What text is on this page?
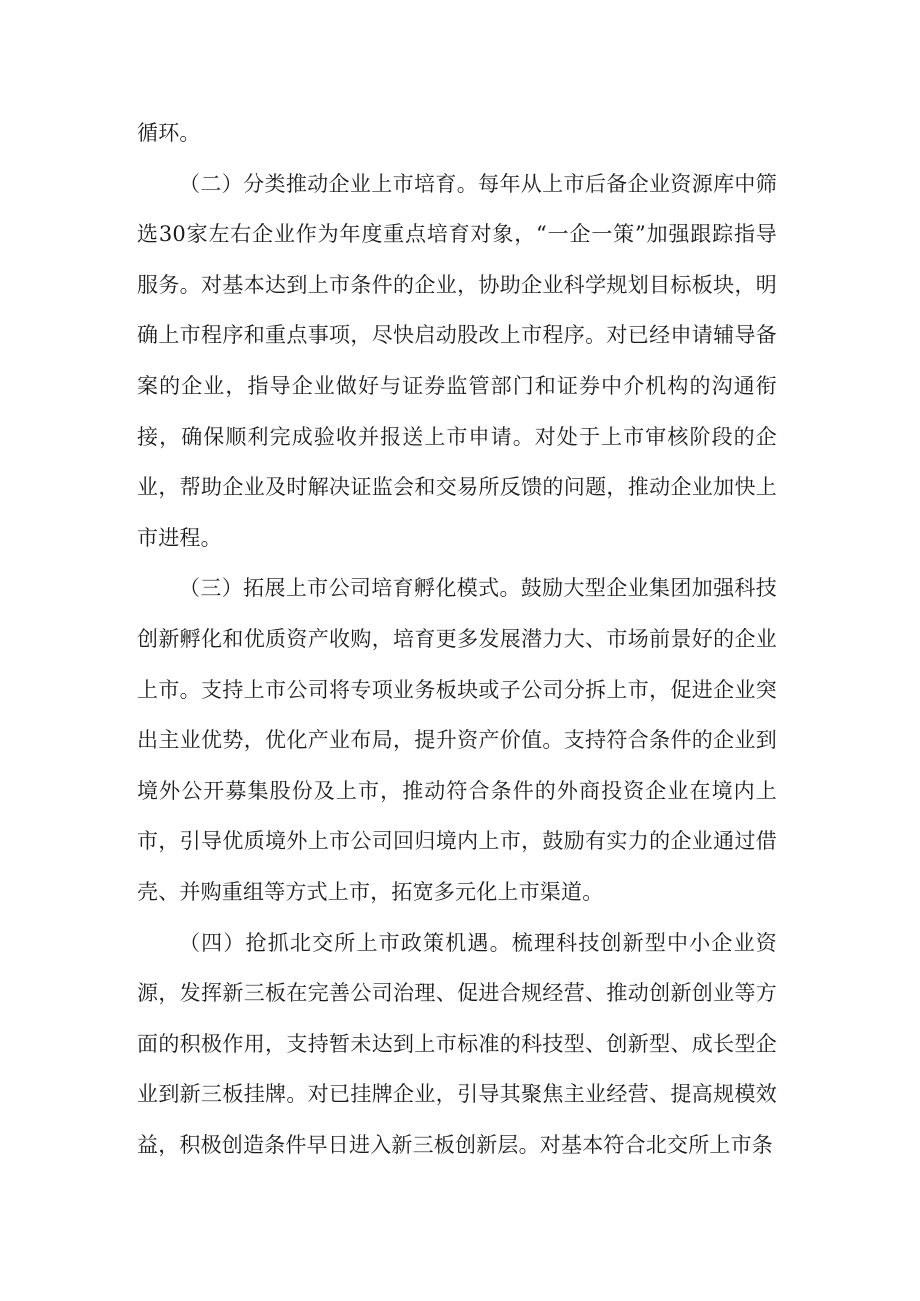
循环。

（二）分类推动企业上市培育。每年从上市后备企业资源库中筛选30家左右企业作为年度重点培育对象，“一企一策”加强跟踪指导服务。对基本达到上市条件的企业，协助企业科学规划目标板块，明确上市程序和重点事项，尽快启动股改上市程序。对已经申请辅导备案的企业，指导企业做好与证券监管部门和证券中介机构的沟通衔接，确保顺利完成验收并报送上市申请。对处于上市审核阶段的企业，帮助企业及时解决证监会和交易所反馈的问题，推动企业加快上市进程。

（三）拓展上市公司培育孵化模式。鼓励大型企业集团加强科技创新孵化和优质资产收购，培育更多发展潜力大、市场前景好的企业上市。支持上市公司将专项业务板块或子公司分拆上市，促进企业突出主业优势，优化产业布局，提升资产价值。支持符合条件的企业到境外公开募集股份及上市，推动符合条件的外商投资企业在境内上市，引导优质境外上市公司回归境内上市，鼓励有实力的企业通过借壳、并购重组等方式上市，拓宽多元化上市渠道。

（四）抢抓北交所上市政策机遇。梳理科技创新型中小企业资源，发挥新三板在完善公司治理、促进合规经营、推动创新创业等方面的积极作用，支持暂未达到上市标准的科技型、创新型、成长型企业到新三板挂牌。对已挂牌企业，引导其聚焦主业经营、提高规模效益，积极创造条件早日进入新三板创新层。对基本符合北交所上市条
